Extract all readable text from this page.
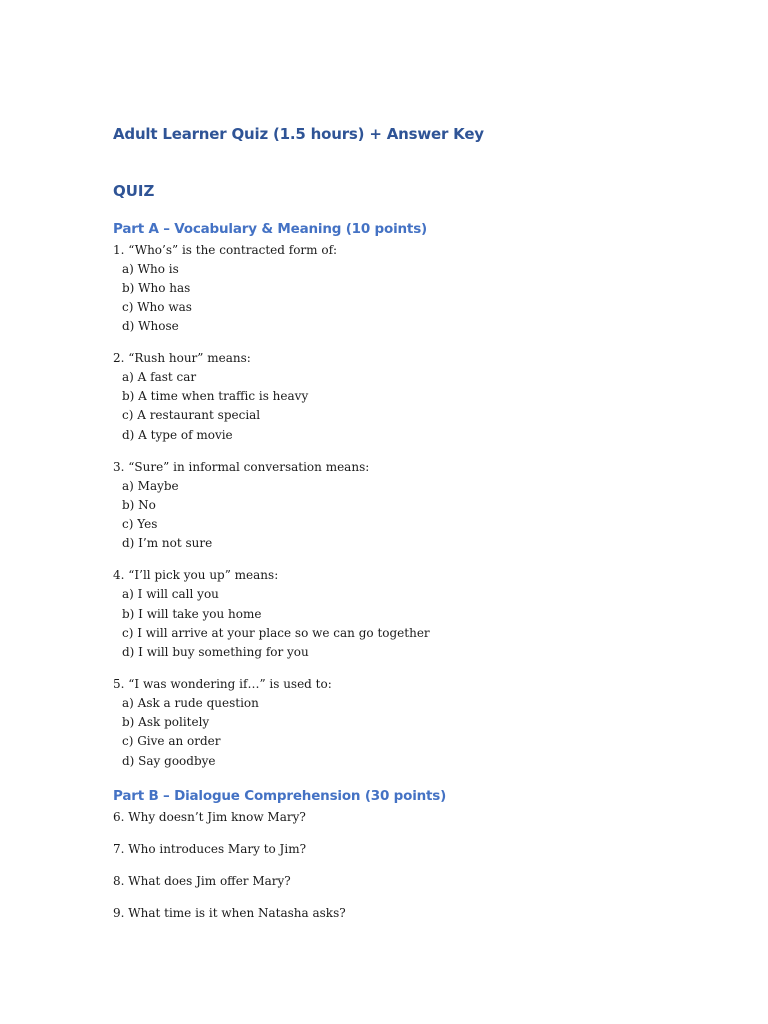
Adult Learner Quiz (1.5 hours) + Answer Key
QUIZ
Part A – Vocabulary & Meaning (10 points)

1. “Who’s” is the contracted form of:

a) Who is

b) Who has

c) Who was

d) Whose

2. “Rush hour” means:

a) A fast car

b) A time when traffic is heavy

c) A restaurant special

d) A type of movie

3. “Sure” in informal conversation means:

a) Maybe

b) No

c) Yes

d) I’m not sure

4. “I’ll pick you up” means:

a) I will call you

b) I will take you home

c) I will arrive at your place so we can go together

d) I will buy something for you

5. “I was wondering if…” is used to:

a) Ask a rude question

b) Ask politely

c) Give an order

d) Say goodbye

Part B – Dialogue Comprehension (30 points)

6. Why doesn’t Jim know Mary?

7. Who introduces Mary to Jim?

8. What does Jim offer Mary?

9. What time is it when Natasha asks?
